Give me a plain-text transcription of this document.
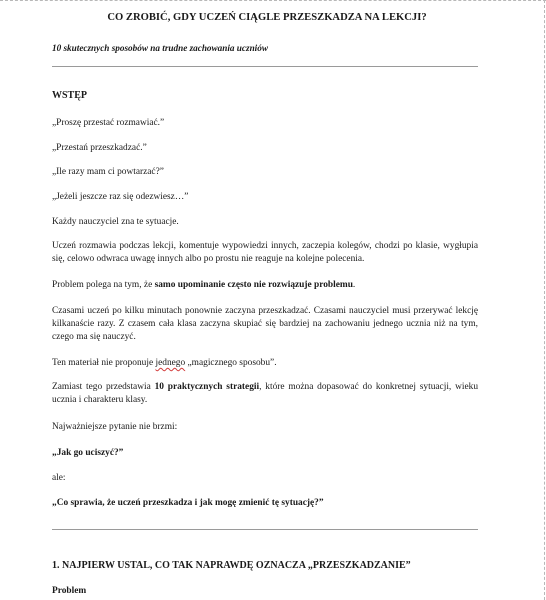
CO ZROBIĆ, GDY UCZEŃ CIĄGLE PRZESZKADZA NA LEKCJI?

10 skutecznych sposobów na trudne zachowania uczniów

WSTĘP

„Proszę przestać rozmawiać.”

„Przestań przeszkadzać.”

„Ile razy mam ci powtarzać?”

„Jeżeli jeszcze raz się odezwiesz…”

Każdy nauczyciel zna te sytuacje.

Uczeń rozmawia podczas lekcji, komentuje wypowiedzi innych, zaczepia kolegów, chodzi po klasie, wygłupia się, celowo odwraca uwagę innych albo po prostu nie reaguje na kolejne polecenia.

Problem polega na tym, że samo upominanie często nie rozwiązuje problemu.

Czasami uczeń po kilku minutach ponownie zaczyna przeszkadzać. Czasami nauczyciel musi przerywać lekcję kilkanaście razy. Z czasem cała klasa zaczyna skupiać się bardziej na zachowaniu jednego ucznia niż na tym, czego ma się nauczyć.

Ten materiał nie proponuje jednego „magicznego sposobu”.

Zamiast tego przedstawia 10 praktycznych strategii, które można dopasować do konkretnej sytuacji, wieku ucznia i charakteru klasy.

Najważniejsze pytanie nie brzmi:

„Jak go uciszyć?”

ale:

„Co sprawia, że uczeń przeszkadza i jak mogę zmienić tę sytuację?”

1. NAJPIERW USTAL, CO TAK NAPRAWDĘ OZNACZA „PRZESZKADZANIE”

Problem
